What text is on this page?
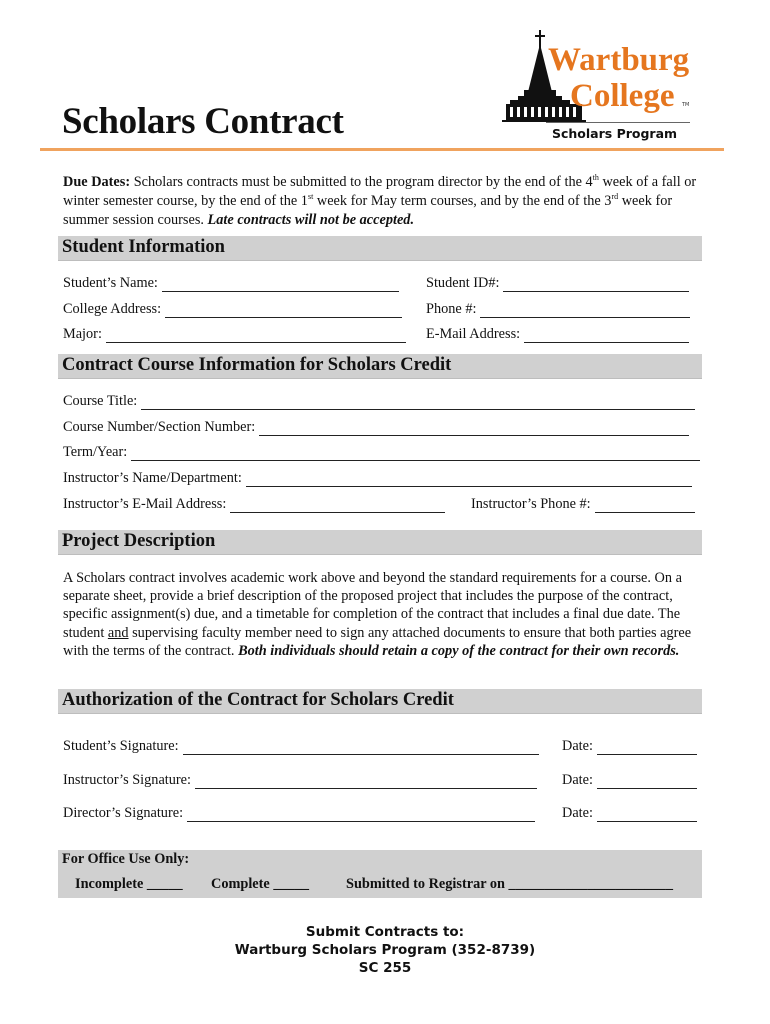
Scholars Contract
Wartburg
College TM
Scholars Program
Due Dates: Scholars contracts must be submitted to the program director by the end of the 4th week of a fall or winter semester course, by the end of the 1st week for May term courses, and by the end of the 3rd week for summer session courses. Late contracts will not be accepted.
Student Information
Student’s Name:	Student ID#:
College Address:	Phone #:
Major:	E-Mail Address:
Contract Course Information for Scholars Credit
Course Title:
Course Number/Section Number:
Term/Year:
Instructor’s Name/Department:
Instructor’s E-Mail Address:	Instructor’s Phone #:
Project Description
A Scholars contract involves academic work above and beyond the standard requirements for a course. On a separate sheet, provide a brief description of the proposed project that includes the purpose of the contract, specific assignment(s) due, and a timetable for completion of the contract that includes a final due date. The student and supervising faculty member need to sign any attached documents to ensure that both parties agree with the terms of the contract. Both individuals should retain a copy of the contract for their own records.
Authorization of the Contract for Scholars Credit
Student’s Signature:	Date:
Instructor’s Signature:	Date:
Director’s Signature:	Date:
For Office Use Only:
Incomplete _____ Complete _____	Submitted to Registrar on _______________________
Submit Contracts to:
Wartburg Scholars Program (352-8739)
SC 255
